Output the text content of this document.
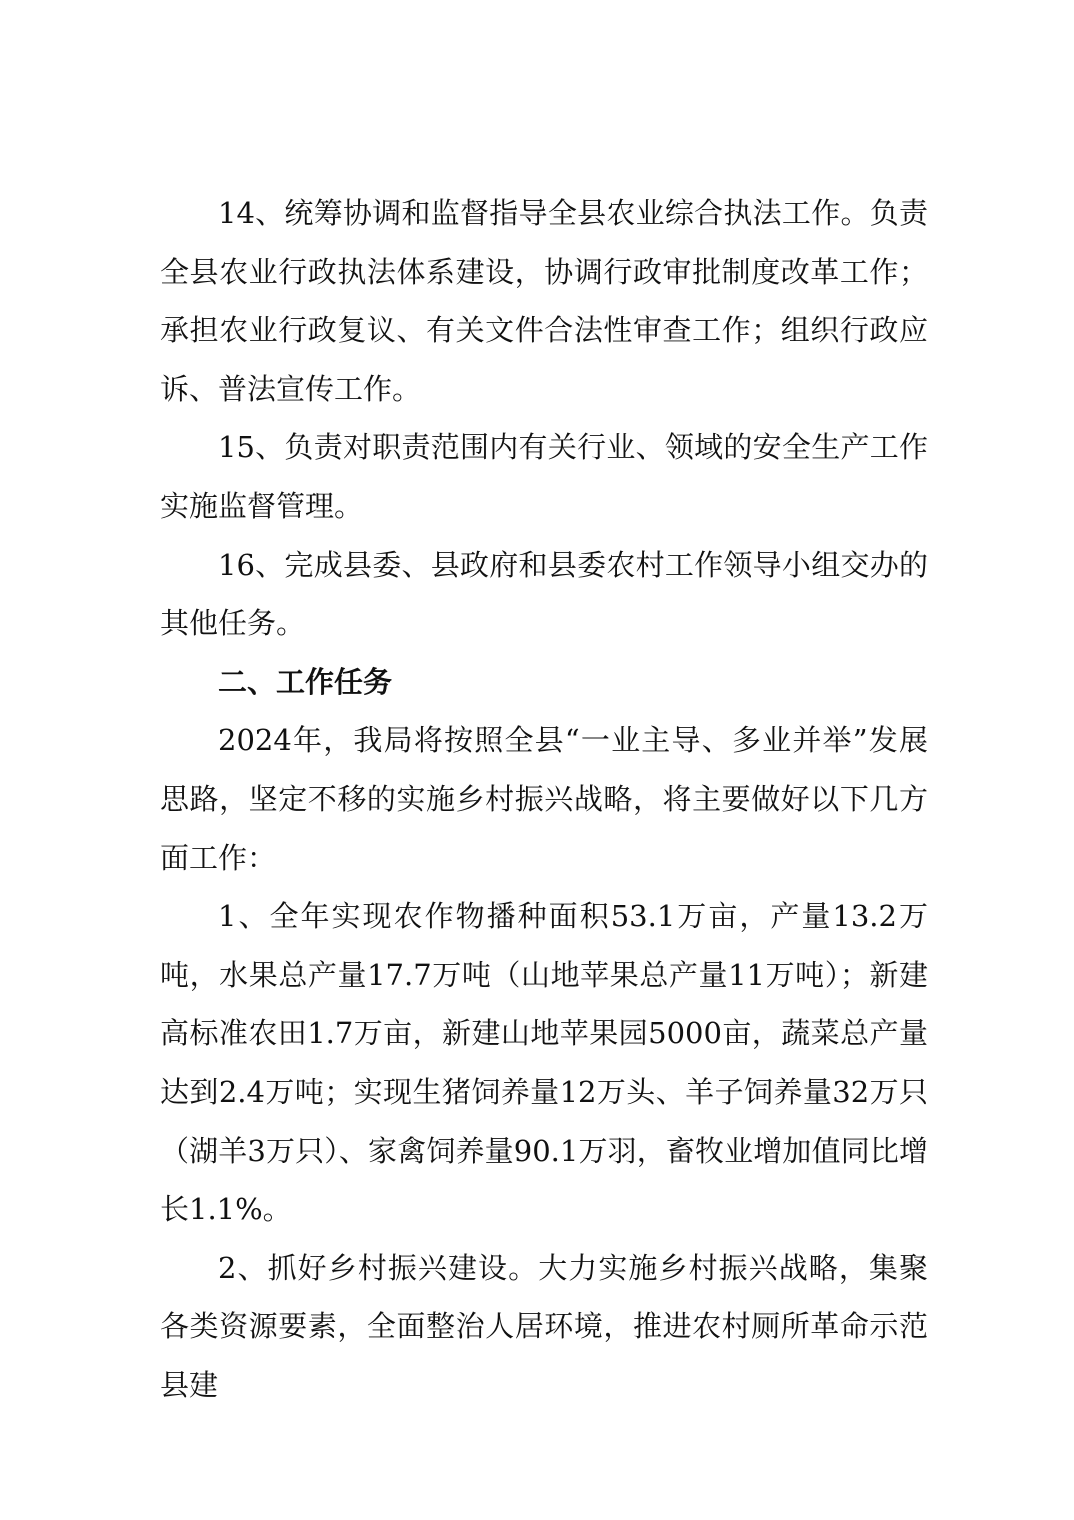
14、统筹协调和监督指导全县农业综合执法工作。负责全县农业行政执法体系建设，协调行政审批制度改革工作；承担农业行政复议、有关文件合法性审查工作；组织行政应诉、普法宣传工作。

15、负责对职责范围内有关行业、领域的安全生产工作实施监督管理。

16、完成县委、县政府和县委农村工作领导小组交办的其他任务。

二、工作任务

2024年，我局将按照全县“一业主导、多业并举”发展思路，坚定不移的实施乡村振兴战略，将主要做好以下几方面工作：

1、全年实现农作物播种面积53.1万亩，产量13.2万吨，水果总产量17.7万吨（山地苹果总产量11万吨）；新建高标准农田1.7万亩，新建山地苹果园5000亩，蔬菜总产量达到2.4万吨；实现生猪饲养量12万头、羊子饲养量32万只（湖羊3万只）、家禽饲养量90.1万羽，畜牧业增加值同比增长1.1%。

2、抓好乡村振兴建设。大力实施乡村振兴战略，集聚各类资源要素，全面整治人居环境，推进农村厕所革命示范县建
